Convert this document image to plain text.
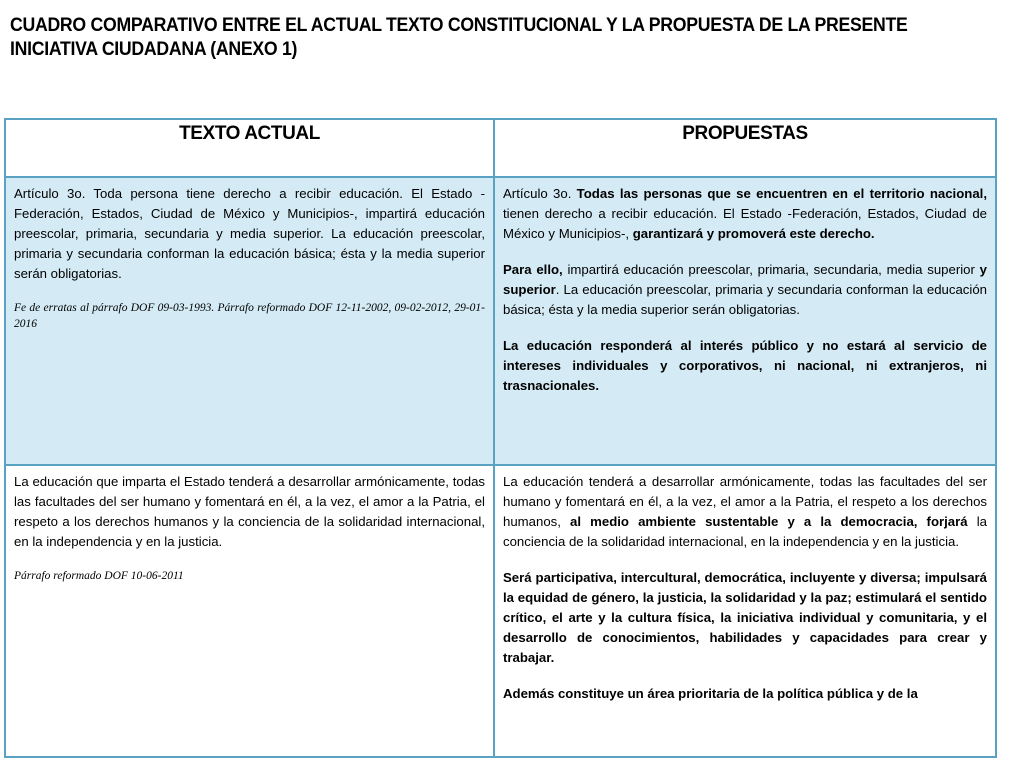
CUADRO COMPARATIVO ENTRE EL ACTUAL TEXTO CONSTITUCIONAL Y LA PROPUESTA DE LA PRESENTE INICIATIVA CIUDADANA (ANEXO 1)
TEXTO ACTUAL	PROPUESTAS
Artículo 3o. Toda persona tiene derecho a recibir educación. El Estado -Federación, Estados, Ciudad de México y Municipios-, impartirá educación preescolar, primaria, secundaria y media superior. La educación preescolar, primaria y secundaria conforman la educación básica; ésta y la media superior serán obligatorias.
Fe de erratas al párrafo DOF 09-03-1993. Párrafo reformado DOF 12-11-2002, 09-02-2012, 29-01-2016

Artículo 3o. Todas las personas que se encuentren en el territorio nacional, tienen derecho a recibir educación. El Estado -Federación, Estados, Ciudad de México y Municipios-, garantizará y promoverá este derecho.

Para ello, impartirá educación preescolar, primaria, secundaria, media superior y superior. La educación preescolar, primaria y secundaria conforman la educación básica; ésta y la media superior serán obligatorias.

La educación responderá al interés público y no estará al servicio de intereses individuales y corporativos, ni nacional, ni extranjeros, ni trasnacionales.

La educación que imparta el Estado tenderá a desarrollar armónicamente, todas las facultades del ser humano y fomentará en él, a la vez, el amor a la Patria, el respeto a los derechos humanos y la conciencia de la solidaridad internacional, en la independencia y en la justicia.
Párrafo reformado DOF 10-06-2011

La educación tenderá a desarrollar armónicamente, todas las facultades del ser humano y fomentará en él, a la vez, el amor a la Patria, el respeto a los derechos humanos, al medio ambiente sustentable y a la democracia, forjará la conciencia de la solidaridad internacional, en la independencia y en la justicia.

Será participativa, intercultural, democrática, incluyente y diversa; impulsará la equidad de género, la justicia, la solidaridad y la paz; estimulará el sentido crítico, el arte y la cultura física, la iniciativa individual y comunitaria, y el desarrollo de conocimientos, habilidades y capacidades para crear y trabajar.

Además constituye un área prioritaria de la política pública y de la
